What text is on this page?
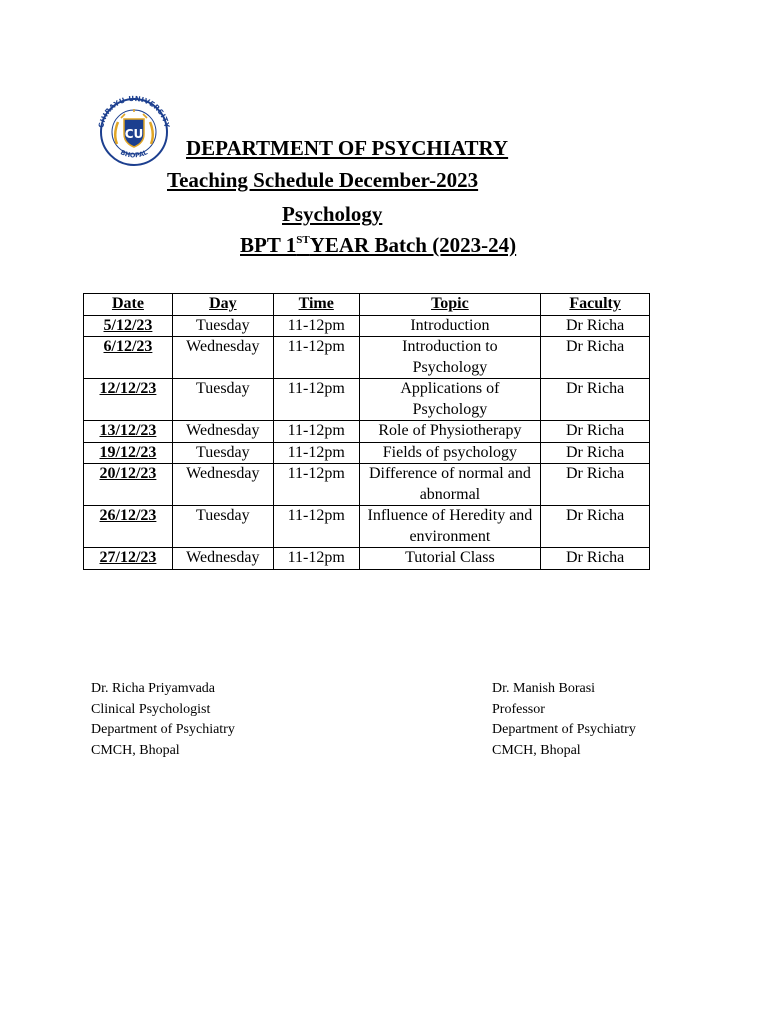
CHIRAYU UNIVERSITY
BHOPAL
CU
DEPARTMENT OF PSYCHIATRY
Teaching Schedule December-2023
Psychology
BPT 1STYEAR Batch (2023-24)
Date	Day	Time	Topic	Faculty
5/12/23	Tuesday	11-12pm	Introduction	Dr Richa
6/12/23	Wednesday	11-12pm	Introduction to Psychology	Dr Richa
12/12/23	Tuesday	11-12pm	Applications of Psychology	Dr Richa
13/12/23	Wednesday	11-12pm	Role of Physiotherapy	Dr Richa
19/12/23	Tuesday	11-12pm	Fields of psychology	Dr Richa
20/12/23	Wednesday	11-12pm	Difference of normal and abnormal	Dr Richa
26/12/23	Tuesday	11-12pm	Influence of Heredity and environment	Dr Richa
27/12/23	Wednesday	11-12pm	Tutorial Class	Dr Richa
Dr. Richa Priyamvada
Clinical Psychologist
Department of Psychiatry
CMCH, Bhopal
Dr. Manish Borasi
Professor
Department of Psychiatry
CMCH, Bhopal
